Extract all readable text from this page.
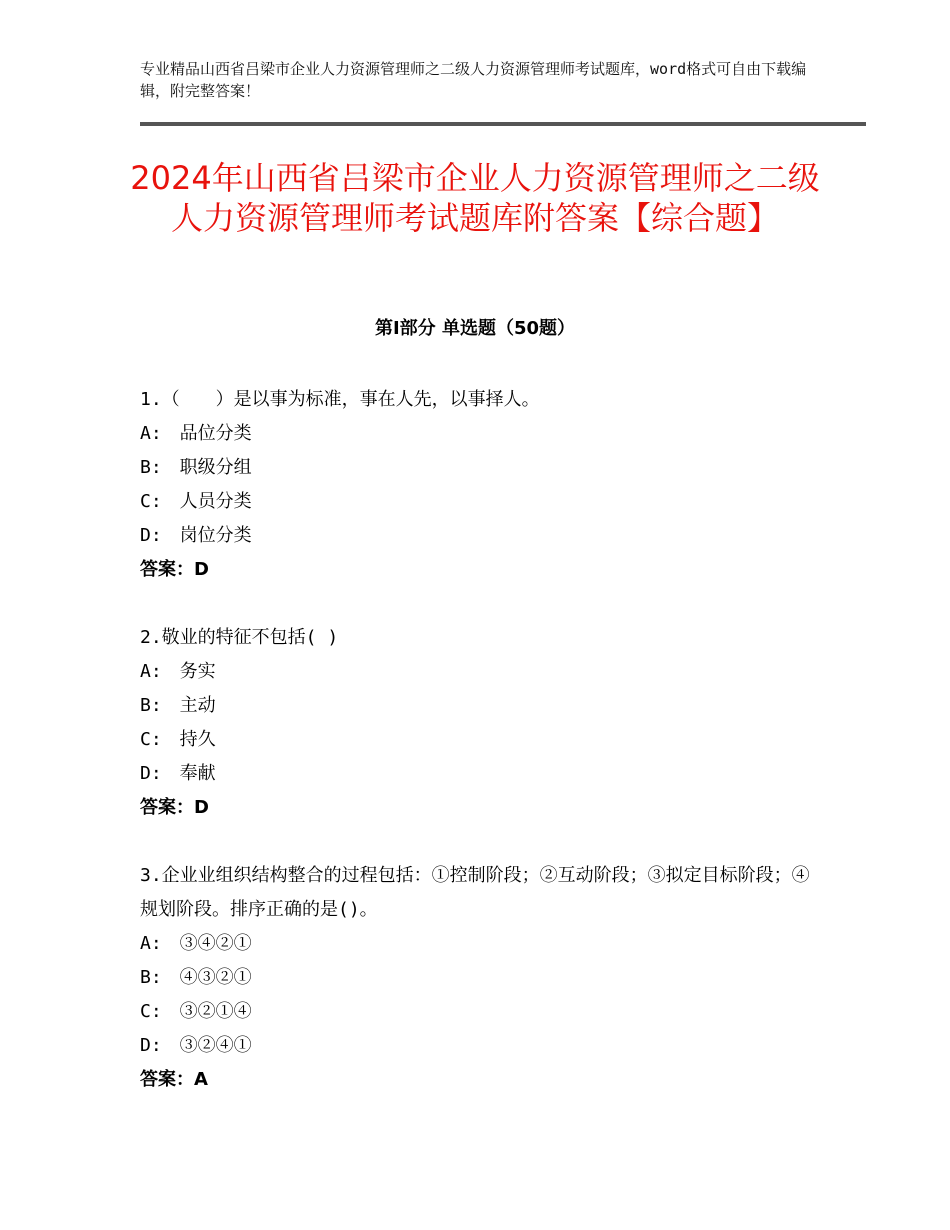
专业精品山西省吕梁市企业人力资源管理师之二级人力资源管理师考试题库，word格式可自由下载编辑，附完整答案！
2024年山西省吕梁市企业人力资源管理师之二级人力资源管理师考试题库附答案【综合题】
第Ⅰ部分 单选题（50题）

1.（　　）是以事为标准，事在人先，以事择人。

A:　品位分类

B:　职级分组

C:　人员分类

D:　岗位分类

答案：D

2.敬业的特征不包括( )

A:　务实

B:　主动

C:　持久

D:　奉献

答案：D

3.企业业组织结构整合的过程包括：①控制阶段；②互动阶段；③拟定目标阶段；④规划阶段。排序正确的是()。

A:　③④②①

B:　④③②①

C:　③②①④

D:　③②④①

答案：A
